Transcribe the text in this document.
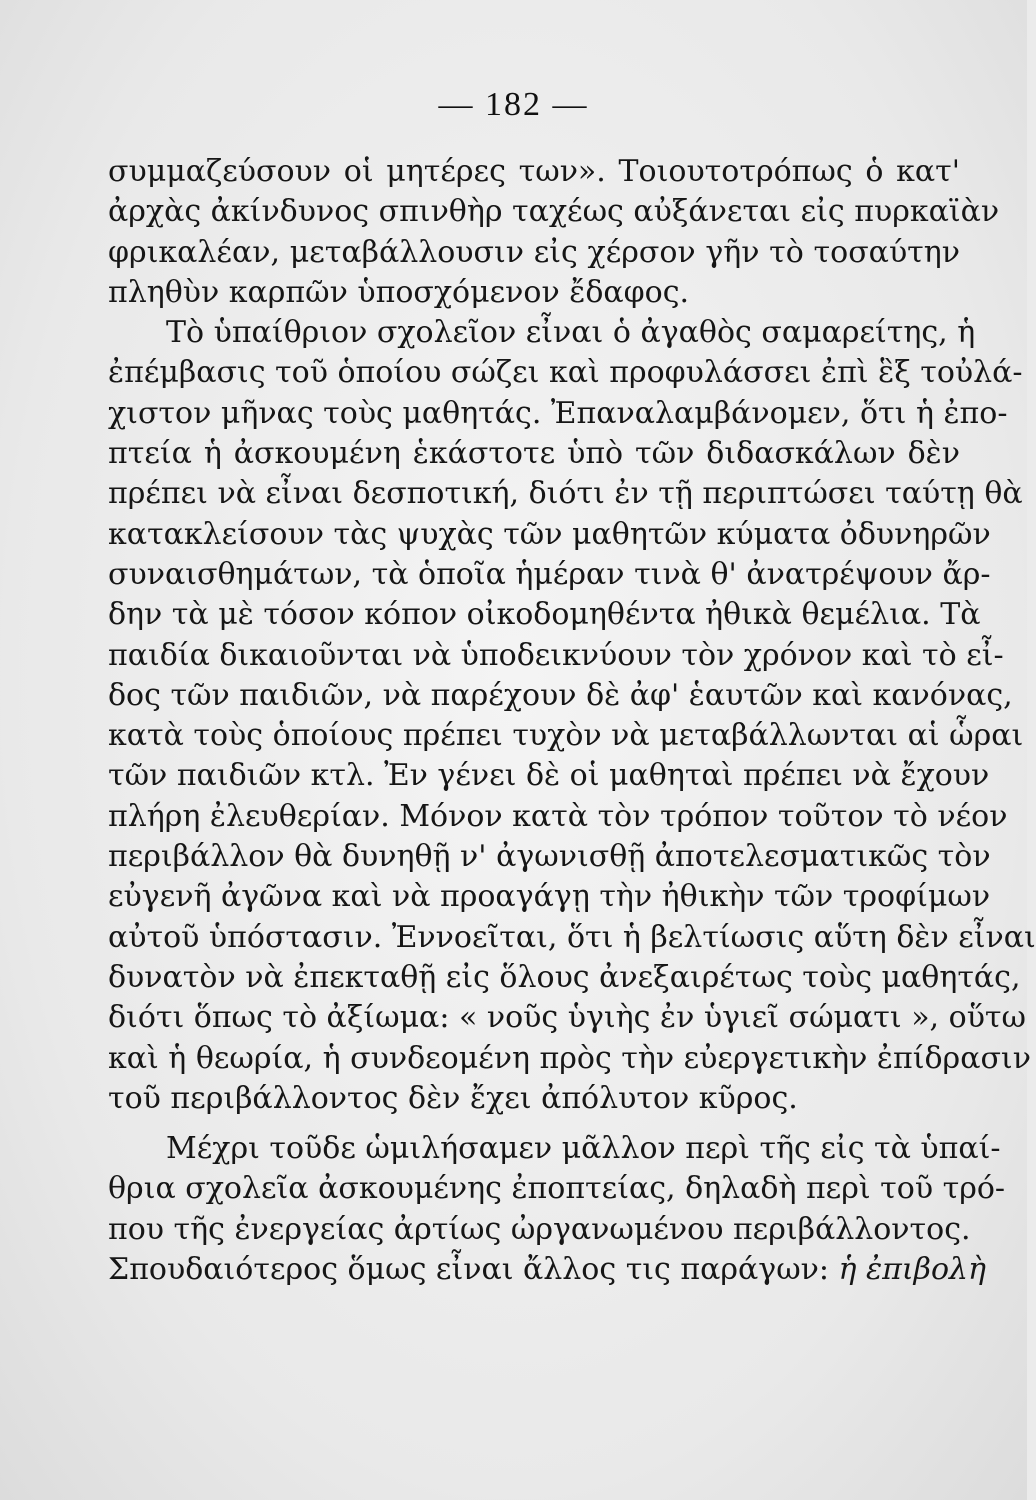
— 182 —
συμμαζεύσουν οἱ μητέρες των». Τοιουτοτρόπως ὁ κατ'
ἀρχὰς ἀκίνδυνος σπινθὴρ ταχέως αὐξάνεται εἰς πυρκαϊὰν
φρικαλέαν, μεταβάλλουσιν εἰς χέρσον γῆν τὸ τοσαύτην
πληθὺν καρπῶν ὑποσχόμενον ἔδαφος.
Τὸ ὑπαίθριον σχολεῖον εἶναι ὁ ἀγαθὸς σαμαρείτης, ἡ
ἐπέμβασις τοῦ ὁποίου σώζει καὶ προφυλάσσει ἐπὶ ἓξ τοὐλά-
χιστον μῆνας τοὺς μαθητάς. Ἐπαναλαμβάνομεν, ὅτι ἡ ἐπο-
πτεία ἡ ἀσκουμένη ἑκάστοτε ὑπὸ τῶν διδασκάλων δὲν
πρέπει νὰ εἶναι δεσποτική, διότι ἐν τῇ περιπτώσει ταύτῃ θὰ
κατακλείσουν τὰς ψυχὰς τῶν μαθητῶν κύματα ὀδυνηρῶν
συναισθημάτων, τὰ ὁποῖα ἡμέραν τινὰ θ' ἀνατρέψουν ἄρ-
δην τὰ μὲ τόσον κόπον οἰκοδομηθέντα ἠθικὰ θεμέλια. Τὰ
παιδία δικαιοῦνται νὰ ὑποδεικνύουν τὸν χρόνον καὶ τὸ εἶ-
δος τῶν παιδιῶν, νὰ παρέχουν δὲ ἀφ' ἑαυτῶν καὶ κανόνας,
κατὰ τοὺς ὁποίους πρέπει τυχὸν νὰ μεταβάλλωνται αἱ ὧραι
τῶν παιδιῶν κτλ. Ἐν γένει δὲ οἱ μαθηταὶ πρέπει νὰ ἔχουν
πλήρη ἐλευθερίαν. Μόνον κατὰ τὸν τρόπον τοῦτον τὸ νέον
περιβάλλον θὰ δυνηθῇ ν' ἀγωνισθῇ ἀποτελεσματικῶς τὸν
εὐγενῆ ἀγῶνα καὶ νὰ προαγάγῃ τὴν ἠθικὴν τῶν τροφίμων
αὐτοῦ ὑπόστασιν. Ἐννοεῖται, ὅτι ἡ βελτίωσις αὕτη δὲν εἶναι
δυνατὸν νὰ ἐπεκταθῇ εἰς ὅλους ἀνεξαιρέτως τοὺς μαθητάς,
διότι ὅπως τὸ ἀξίωμα: « νοῦς ὑγιὴς ἐν ὑγιεῖ σώματι », οὕτω
καὶ ἡ θεωρία, ἡ συνδεομένη πρὸς τὴν εὐεργετικὴν ἐπίδρασιν
τοῦ περιβάλλοντος δὲν ἔχει ἀπόλυτον κῦρος.
Μέχρι τοῦδε ὡμιλήσαμεν μᾶλλον περὶ τῆς εἰς τὰ ὑπαί-
θρια σχολεῖα ἀσκουμένης ἐποπτείας, δηλαδὴ περὶ τοῦ τρό-
που τῆς ἐνεργείας ἀρτίως ὠργανωμένου περιβάλλοντος.
Σπουδαιότερος ὅμως εἶναι ἄλλος τις παράγων: ἡ ἐπιβολὴ
